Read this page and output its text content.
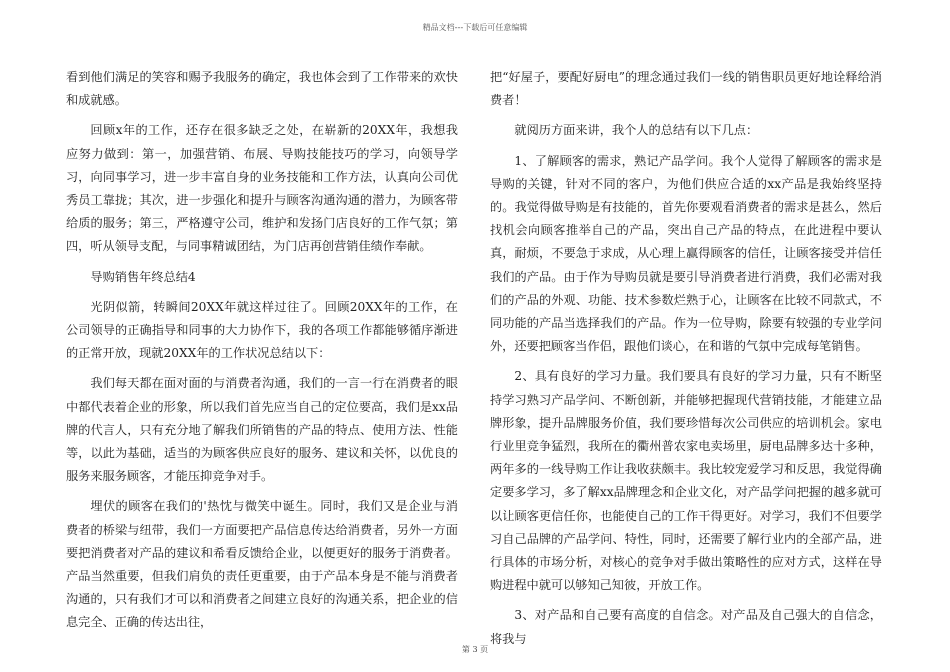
精品文档---下载后可任意编辑

看到他们满足的笑容和赐予我服务的确定，我也体会到了工作带来的欢快和成就感。

回顾x年的工作，还存在很多缺乏之处，在崭新的20XX年，我想我应努力做到：第一，加强营销、布展、导购技能技巧的学习，向领导学习，向同事学习，进一步丰富自身的业务技能和工作方法，认真向公司优秀员工靠拢；其次，进一步强化和提升与顾客沟通沟通的潜力，为顾客带给质的服务；第三，严格遵守公司，维护和发扬门店良好的工作气氛；第四，听从领导支配，与同事精诚团结，为门店再创营销佳绩作奉献。

导购销售年终总结4

光阴似箭，转瞬间20XX年就这样过往了。回顾20XX年的工作，在公司领导的正确指导和同事的大力协作下，我的各项工作都能够循序渐进的正常开放，现就20XX年的工作状况总结以下：

我们每天都在面对面的与消费者沟通，我们的一言一行在消费者的眼中都代表着企业的形象，所以我们首先应当自己的定位要高，我们是xx品牌的代言人，只有充分地了解我们所销售的产品的特点、使用方法、性能等，以此为基础，适当的为顾客供应良好的服务、建议和关怀，以优良的服务来服务顾客，才能压抑竞争对手。

埋伏的顾客在我们的'热忱与微笑中诞生。同时，我们又是企业与消费者的桥梁与纽带，我们一方面要把产品信息传达给消费者，另外一方面要把消费者对产品的建议和希看反馈给企业，以便更好的服务于消费者。产品当然重要，但我们肩负的责任更重要，由于产品本身是不能与消费者沟通的，只有我们才可以和消费者之间建立良好的沟通关系，把企业的信息完全、正确的传达出往，

把“好屋子，要配好厨电”的理念通过我们一线的销售职员更好地诠释给消费者！

就阅历方面来讲，我个人的总结有以下几点：

1、了解顾客的需求，熟记产品学问。我个人觉得了解顾客的需求是导购的关键，针对不同的客户，为他们供应合适的xx产品是我始终坚持的。我觉得做导购是有技能的，首先你要观看消费者的需求是甚么，然后找机会向顾客推举自己的产品，突出自己产品的特点，在此进程中要认真，耐烦，不要急于求成，从心理上赢得顾客的信任，让顾客接受并信任我们的产品。由于作为导购员就是要引导消费者进行消费，我们必需对我们的产品的外观、功能、技术参数烂熟于心，让顾客在比较不同款式，不同功能的产品当选择我们的产品。作为一位导购，除要有较强的专业学问外，还要把顾客当作侣，跟他们谈心，在和谐的气氛中完成每笔销售。

2、具有良好的学习力量。我们要具有良好的学习力量，只有不断坚持学习熟习产品学问、不断创新，并能够把握现代营销技能，才能建立品牌形象，提升品牌服务价值，我们要珍惜每次公司供应的培训机会。家电行业里竞争猛烈，我所在的衢州普农家电卖场里，厨电品牌多达十多种，两年多的一线导购工作让我收获颇丰。我比较宠爱学习和反思，我觉得确定要多学习，多了解xx品牌理念和企业文化，对产品学问把握的越多就可以让顾客更信任你，也能使自己的工作干得更好。对学习，我们不但要学习自己品牌的产品学问、特性，同时，还需要了解行业内的全部产品，进行具体的市场分析，对核心的竞争对手做出策略性的应对方式，这样在导购进程中就可以够知己知彼，开放工作。

3、对产品和自己要有高度的自信念。对产品及自己强大的自信念，将我与

第 3 页
